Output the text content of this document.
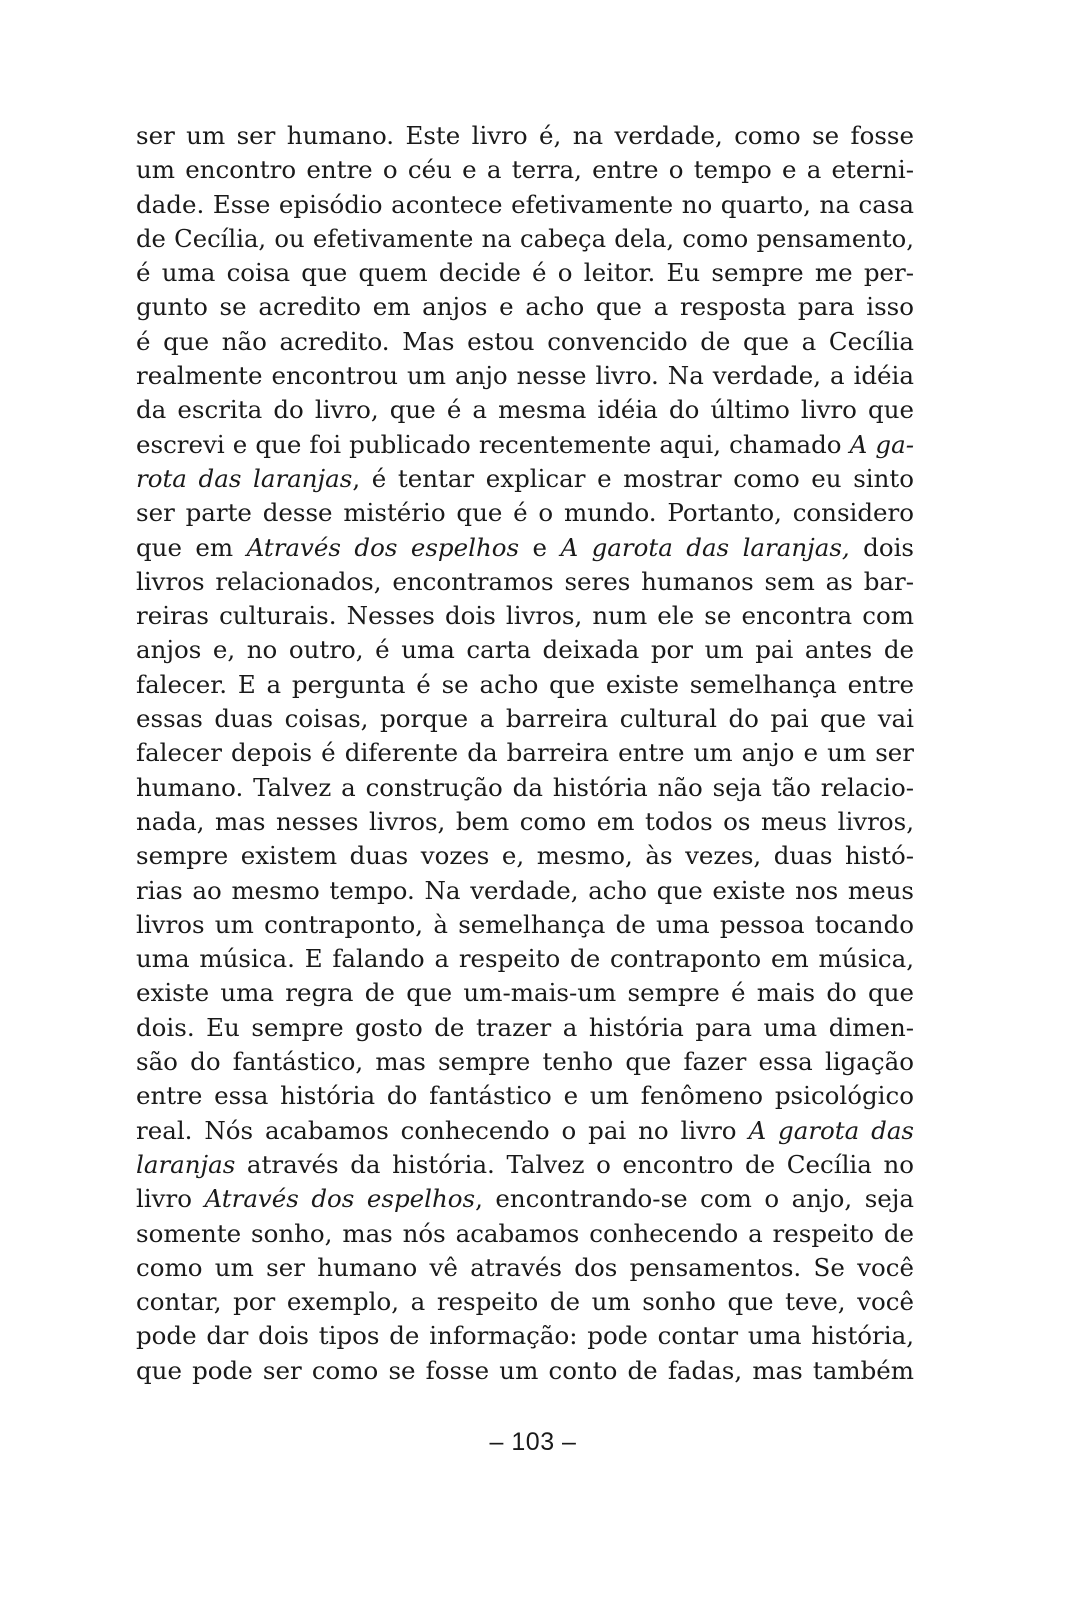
ser um ser humano. Este livro é, na verdade, como se fosse
um encontro entre o céu e a terra, entre o tempo e a eterni-
dade. Esse episódio acontece efetivamente no quarto, na casa
de Cecília, ou efetivamente na cabeça dela, como pensamento,
é uma coisa que quem decide é o leitor. Eu sempre me per-
gunto se acredito em anjos e acho que a resposta para isso
é que não acredito. Mas estou convencido de que a Cecília
realmente encontrou um anjo nesse livro. Na verdade, a idéia
da escrita do livro, que é a mesma idéia do último livro que
escrevi e que foi publicado recentemente aqui, chamado A ga-
rota das laranjas, é tentar explicar e mostrar como eu sinto
ser parte desse mistério que é o mundo. Portanto, considero
que em Através dos espelhos e A garota das laranjas, dois
livros relacionados, encontramos seres humanos sem as bar-
reiras culturais. Nesses dois livros, num ele se encontra com
anjos e, no outro, é uma carta deixada por um pai antes de
falecer. E a pergunta é se acho que existe semelhança entre
essas duas coisas, porque a barreira cultural do pai que vai
falecer depois é diferente da barreira entre um anjo e um ser
humano. Talvez a construção da história não seja tão relacio-
nada, mas nesses livros, bem como em todos os meus livros,
sempre existem duas vozes e, mesmo, às vezes, duas histó-
rias ao mesmo tempo. Na verdade, acho que existe nos meus
livros um contraponto, à semelhança de uma pessoa tocando
uma música. E falando a respeito de contraponto em música,
existe uma regra de que um-mais-um sempre é mais do que
dois. Eu sempre gosto de trazer a história para uma dimen-
são do fantástico, mas sempre tenho que fazer essa ligação
entre essa história do fantástico e um fenômeno psicológico
real. Nós acabamos conhecendo o pai no livro A garota das
laranjas através da história. Talvez o encontro de Cecília no
livro Através dos espelhos, encontrando-se com o anjo, seja
somente sonho, mas nós acabamos conhecendo a respeito de
como um ser humano vê através dos pensamentos. Se você
contar, por exemplo, a respeito de um sonho que teve, você
pode dar dois tipos de informação: pode contar uma história,
que pode ser como se fosse um conto de fadas, mas também
– 103 –
